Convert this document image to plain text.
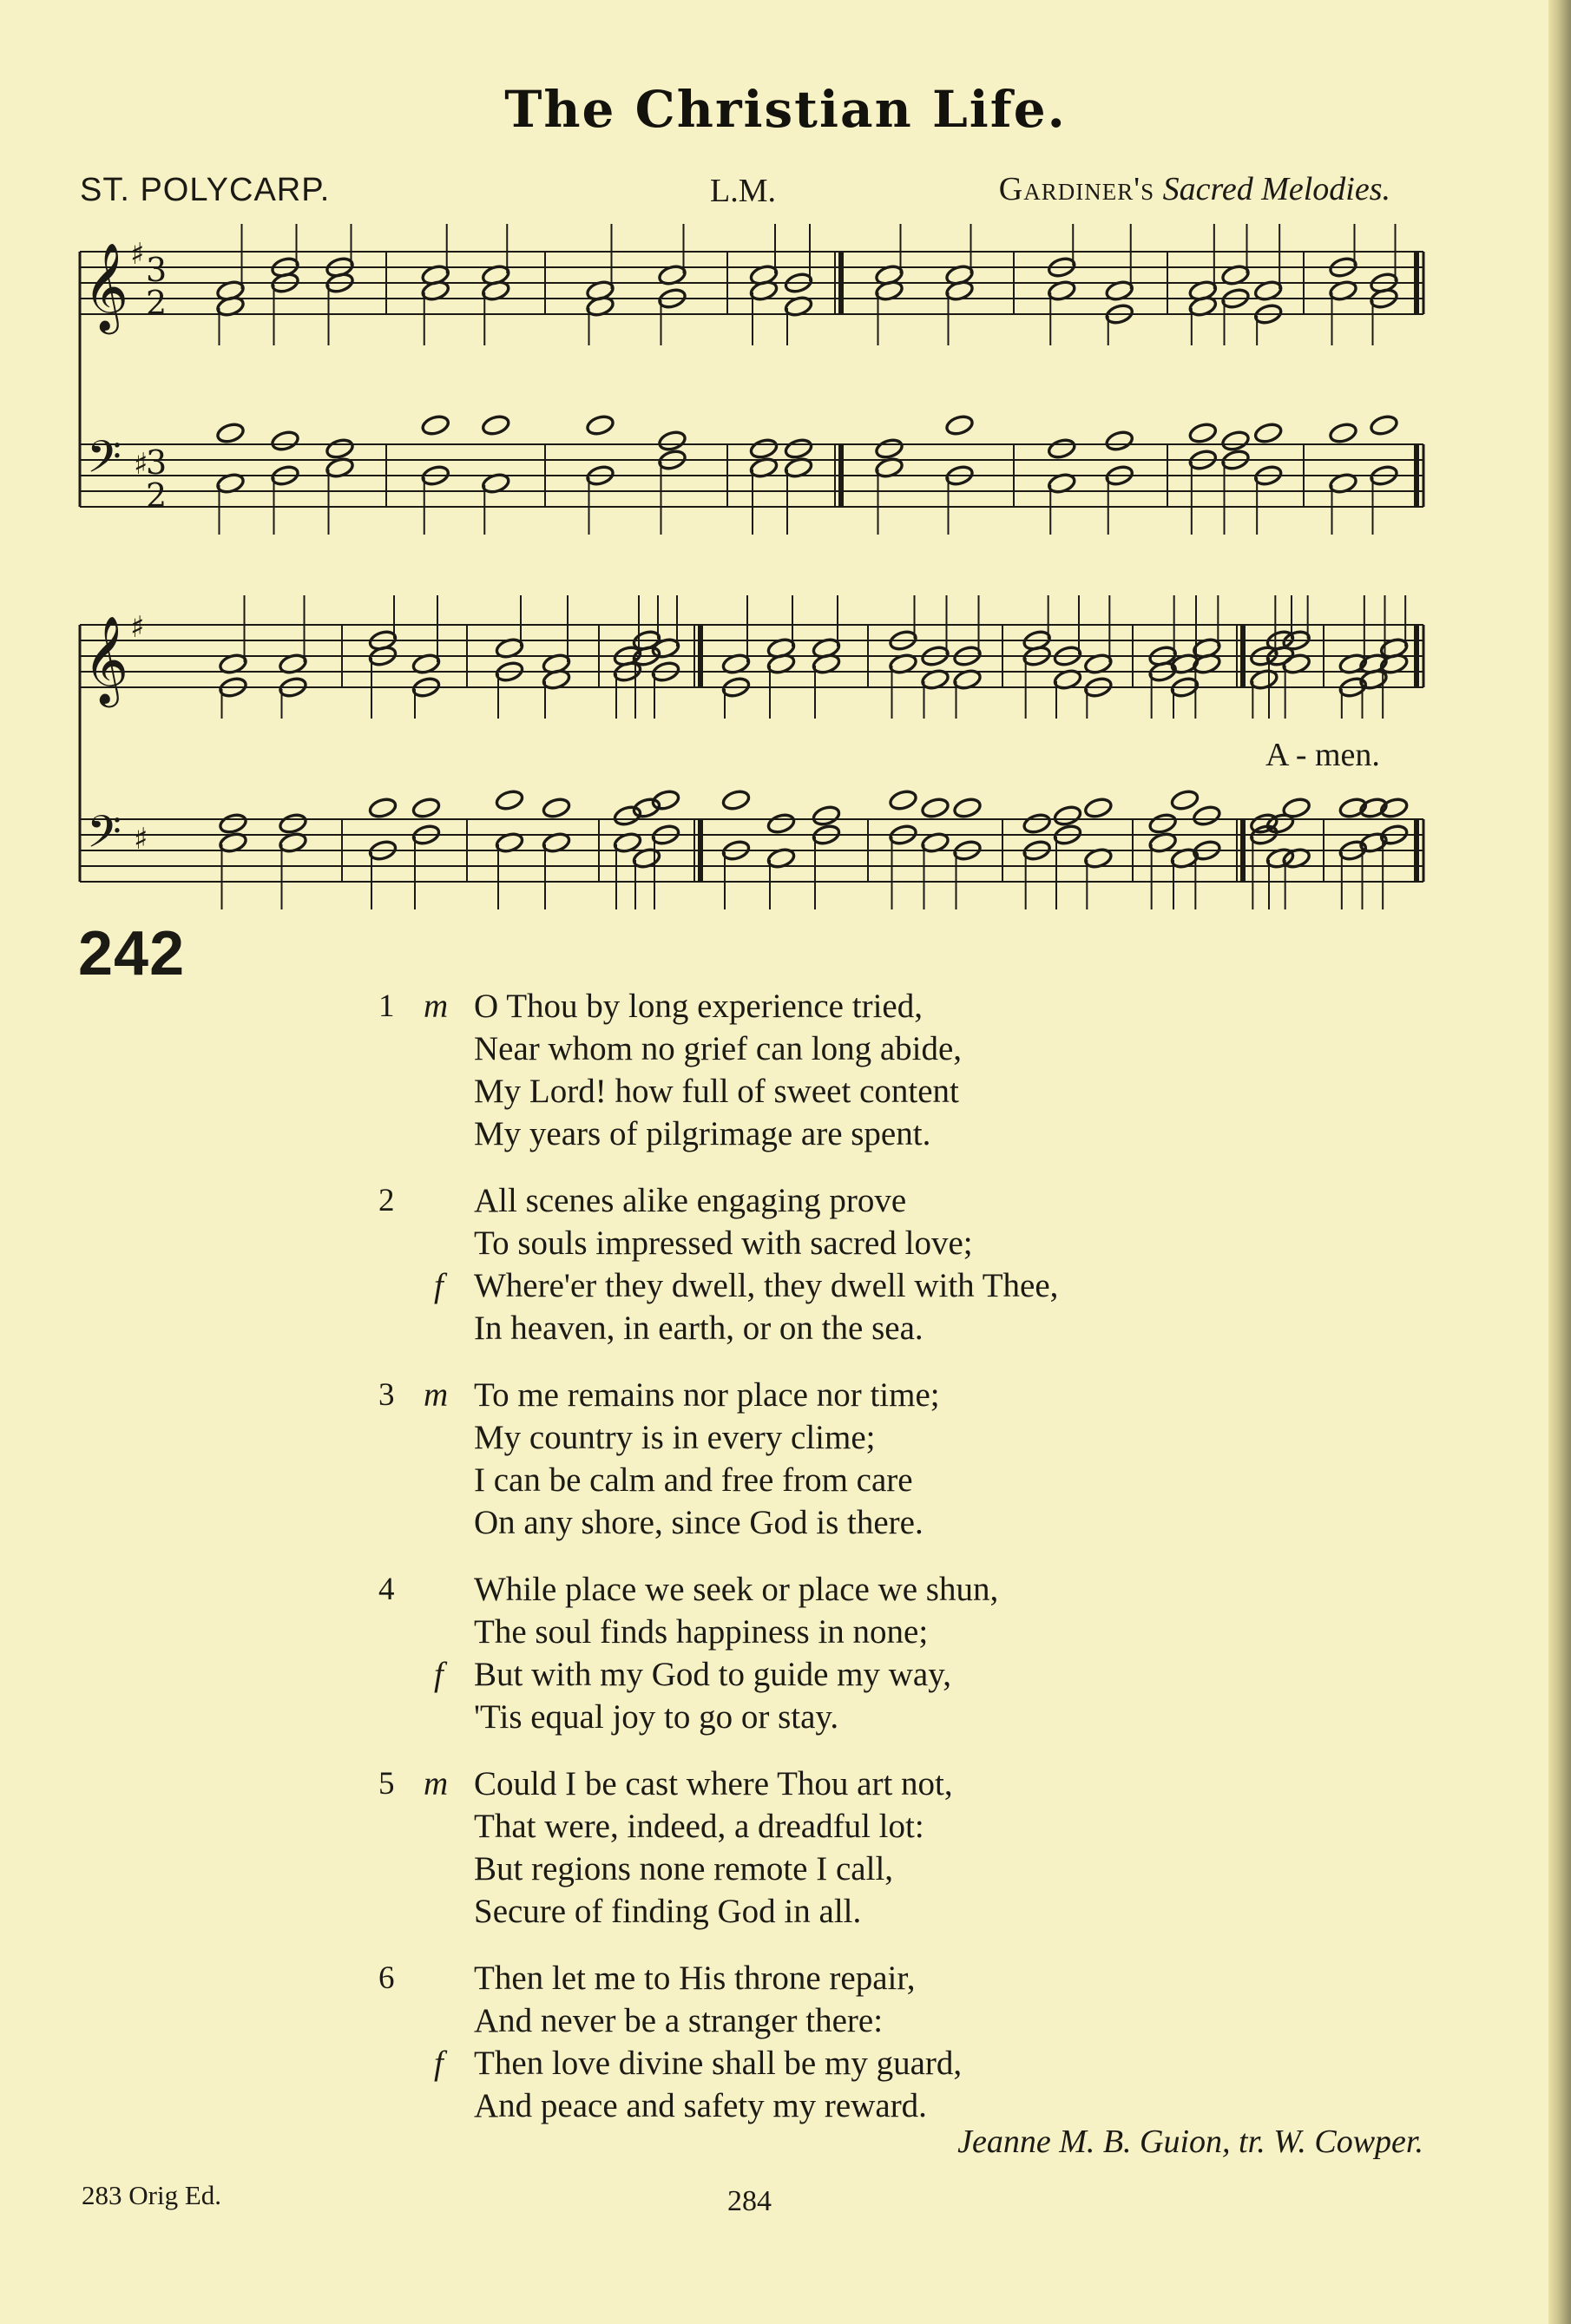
The Christian Life.
ST. POLYCARP.	L.M.	Gardiner's Sacred Melodies.
𝄞
𝄢
♯
♯
3
2
3
2
𝄞
𝄢
♯
♯
A - men.
242
1 m O Thou by long experience tried,
Near whom no grief can long abide,
My Lord! how full of sweet content
My years of pilgrimage are spent.
2 All scenes alike engaging prove
To souls impressed with sacred love;
f Where'er they dwell, they dwell with Thee,
In heaven, in earth, or on the sea.
3 m To me remains nor place nor time;
My country is in every clime;
I can be calm and free from care
On any shore, since God is there.
4 While place we seek or place we shun,
The soul finds happiness in none;
f But with my God to guide my way,
'Tis equal joy to go or stay.
5 m Could I be cast where Thou art not,
That were, indeed, a dreadful lot:
But regions none remote I call,
Secure of finding God in all.
6 Then let me to His throne repair,
And never be a stranger there:
f Then love divine shall be my guard,
And peace and safety my reward.
Jeanne M. B. Guion, tr. W. Cowper.
283 Orig Ed.	284
